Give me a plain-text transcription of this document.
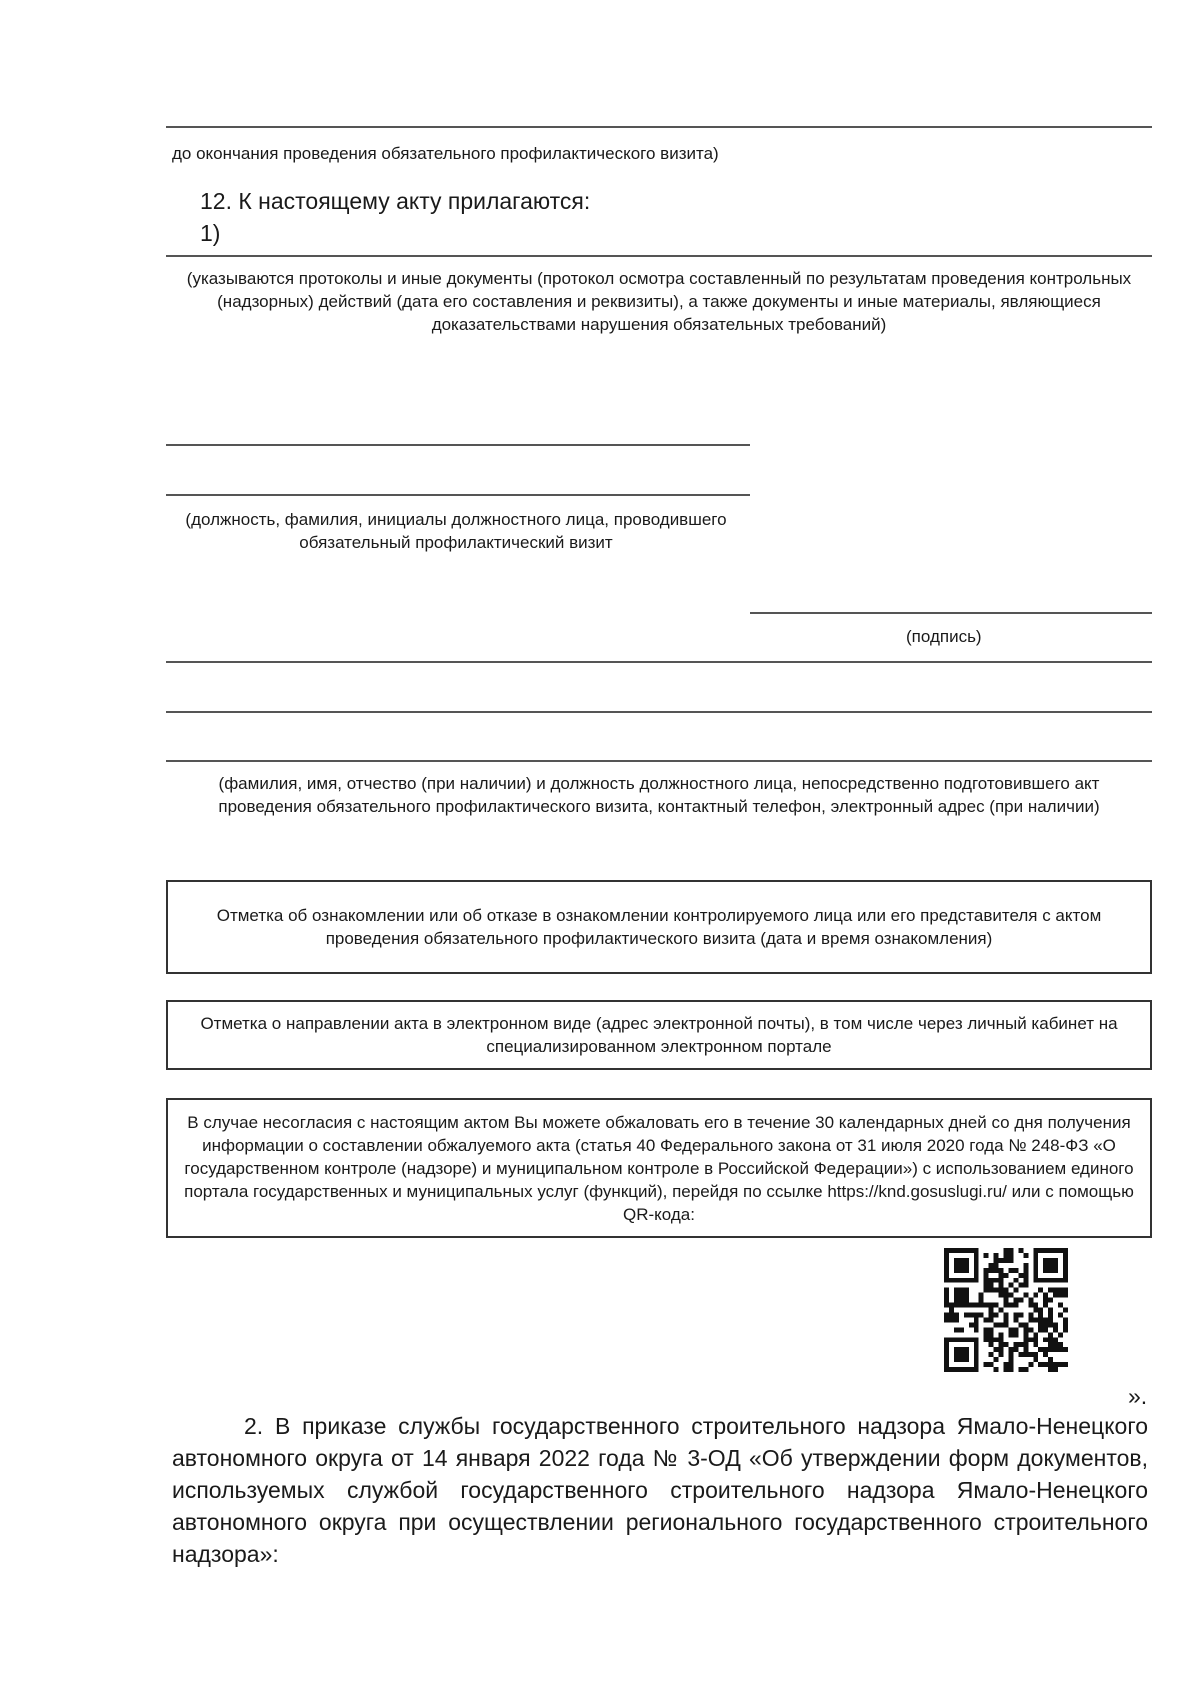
до окончания проведения обязательного профилактического визита)
12. К настоящему акту прилагаются:
1)
(указываются протоколы и иные документы (протокол осмотра составленный по результатам проведения контрольных (надзорных) действий (дата его составления и реквизиты), а также документы и иные материалы, являющиеся доказательствами нарушения обязательных требований)
(должность, фамилия, инициалы должностного лица, проводившего обязательный профилактический визит
(подпись)
(фамилия, имя, отчество (при наличии) и должность должностного лица, непосредственно подготовившего акт проведения обязательного профилактического визита, контактный телефон, электронный адрес (при наличии)

Отметка об ознакомлении или об отказе в ознакомлении контролируемого лица или его представителя с актом проведения обязательного профилактического визита (дата и время ознакомления)

Отметка о направлении акта в электронном виде (адрес электронной почты), в том числе через личный кабинет на специализированном электронном портале

В случае несогласия с настоящим актом Вы можете обжаловать его в течение 30 календарных дней со дня получения информации о составлении обжалуемого акта (статья 40 Федерального закона от 31 июля 2020 года № 248-ФЗ «О государственном контроле (надзоре) и муниципальном контроле в Российской Федерации») с использованием единого портала государственных и муниципальных услуг (функций), перейдя по ссылке https://knd.gosuslugi.ru/ или с помощью QR-кода:

».
2. В приказе службы государственного строительного надзора Ямало-Ненецкого автономного округа от 14 января 2022 года № 3-ОД «Об утверждении форм документов, используемых службой государственного строительного надзора Ямало-Ненецкого автономного округа при осуществлении регионального государственного строительного надзора»:
